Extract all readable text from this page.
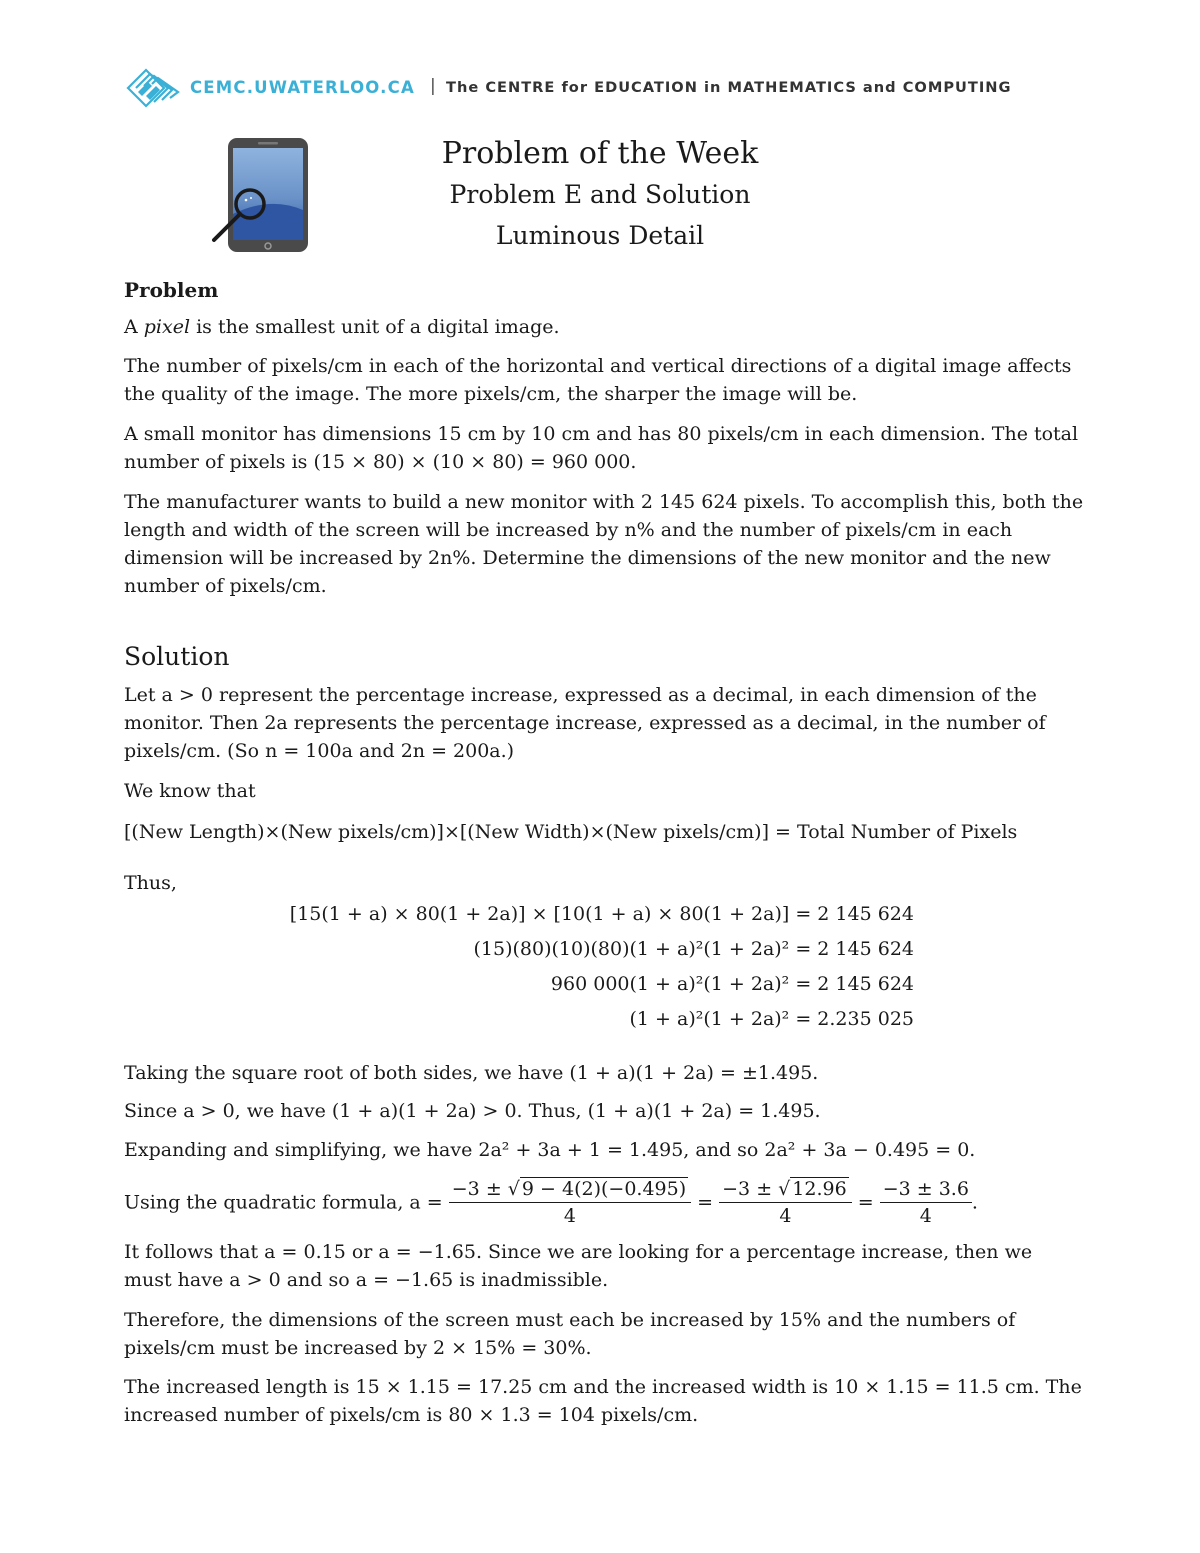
CEMC.UWATERLOO.CA | The CENTRE for EDUCATION in MATHEMATICS and COMPUTING
Problem of the Week
Problem E and Solution
Luminous Detail
Problem
A pixel is the smallest unit of a digital image.
The number of pixels/cm in each of the horizontal and vertical directions of a digital image affects the quality of the image. The more pixels/cm, the sharper the image will be.
A small monitor has dimensions 15 cm by 10 cm and has 80 pixels/cm in each dimension. The total number of pixels is (15 × 80) × (10 × 80) = 960 000.
The manufacturer wants to build a new monitor with 2 145 624 pixels. To accomplish this, both the length and width of the screen will be increased by n% and the number of pixels/cm in each dimension will be increased by 2n%. Determine the dimensions of the new monitor and the new number of pixels/cm.
Solution
Let a > 0 represent the percentage increase, expressed as a decimal, in each dimension of the monitor. Then 2a represents the percentage increase, expressed as a decimal, in the number of pixels/cm. (So n = 100a and 2n = 200a.)
We know that
[(New Length)×(New pixels/cm)]×[(New Width)×(New pixels/cm)] = Total Number of Pixels
Thus,
[15(1 + a) × 80(1 + 2a)] × [10(1 + a) × 80(1 + 2a)] = 2 145 624
(15)(80)(10)(80)(1 + a)²(1 + 2a)² = 2 145 624
960 000(1 + a)²(1 + 2a)² = 2 145 624
(1 + a)²(1 + 2a)² = 2.235 025
Taking the square root of both sides, we have (1 + a)(1 + 2a) = ±1.495.
Since a > 0, we have (1 + a)(1 + 2a) > 0. Thus, (1 + a)(1 + 2a) = 1.495.
Expanding and simplifying, we have 2a² + 3a + 1 = 1.495, and so 2a² + 3a − 0.495 = 0.
Using the quadratic formula, $a = \frac{-3 \pm √ 9 - 4(2)(-0.495)}{4} = \frac{-3 \pm √ 12.96}{4} = \frac{-3 \pm 3.6}{4}$ .
It follows that a = 0.15 or a = −1.65. Since we are looking for a percentage increase, then we must have a > 0 and so a = −1.65 is inadmissible.
Therefore, the dimensions of the screen must each be increased by 15% and the numbers of pixels/cm must be increased by 2 × 15% = 30%.
The increased length is 15 × 1.15 = 17.25 cm and the increased width is 10 × 1.15 = 11.5 cm. The increased number of pixels/cm is 80 × 1.3 = 104 pixels/cm.
